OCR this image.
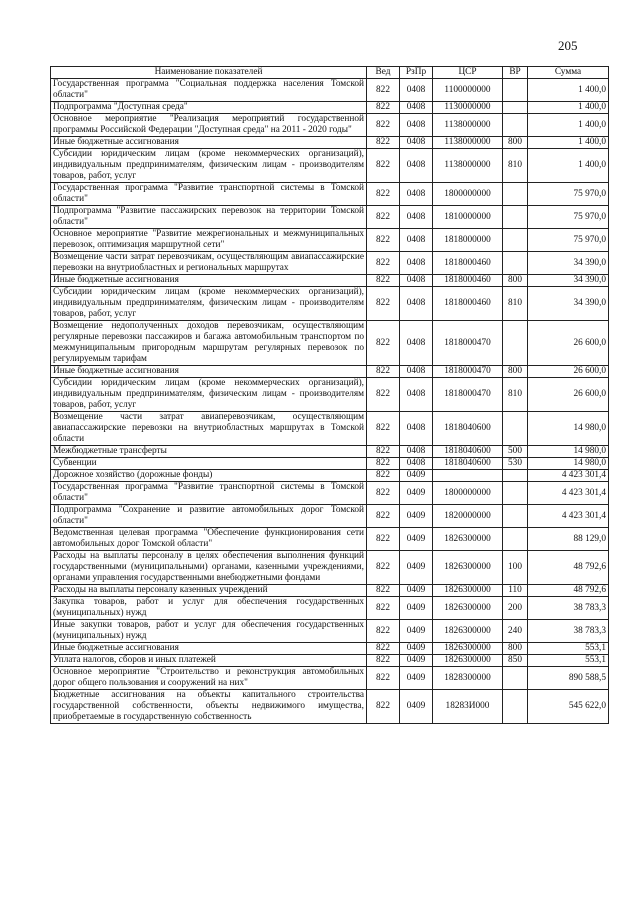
205
Наименование показателей	Вед	РзПр	ЦСР	ВР	Сумма
Государственная программа "Социальная поддержка населения Томской области"	822	0408	1100000000		1 400,0
Подпрограмма "Доступная среда"	822	0408	1130000000		1 400,0
Основное мероприятие "Реализация мероприятий государственной программы Российской Федерации "Доступная среда" на 2011 - 2020 годы"	822	0408	1138000000		1 400,0
Иные бюджетные ассигнования	822	0408	1138000000	800	1 400,0
Субсидии юридическим лицам (кроме некоммерческих организаций), индивидуальным предпринимателям, физическим лицам - производителям товаров, работ, услуг	822	0408	1138000000	810	1 400,0
Государственная программа "Развитие транспортной системы в Томской области"	822	0408	1800000000		75 970,0
Подпрограмма "Развитие пассажирских перевозок на территории Томской области"	822	0408	1810000000		75 970,0
Основное мероприятие "Развитие межрегиональных и межмуниципальных перевозок, оптимизация маршрутной сети"	822	0408	1818000000		75 970,0
Возмещение части затрат перевозчикам, осуществляющим авиапассажирские перевозки на внутриобластных и региональных маршрутах	822	0408	1818000460		34 390,0
Иные бюджетные ассигнования	822	0408	1818000460	800	34 390,0
Субсидии юридическим лицам (кроме некоммерческих организаций), индивидуальным предпринимателям, физическим лицам - производителям товаров, работ, услуг	822	0408	1818000460	810	34 390,0
Возмещение недополученных доходов перевозчикам, осуществляющим регулярные перевозки пассажиров и багажа автомобильным транспортом по межмуниципальным пригородным маршрутам регулярных перевозок по регулируемым тарифам	822	0408	1818000470		26 600,0
Иные бюджетные ассигнования	822	0408	1818000470	800	26 600,0
Субсидии юридическим лицам (кроме некоммерческих организаций), индивидуальным предпринимателям, физическим лицам - производителям товаров, работ, услуг	822	0408	1818000470	810	26 600,0
Возмещение части затрат авиаперевозчикам, осуществляющим авиапассажирские перевозки на внутриобластных маршрутах в Томской области	822	0408	1818040600		14 980,0
Межбюджетные трансферты	822	0408	1818040600	500	14 980,0
Субвенции	822	0408	1818040600	530	14 980,0
Дорожное хозяйство (дорожные фонды)	822	0409			4 423 301,4
Государственная программа "Развитие транспортной системы в Томской области"	822	0409	1800000000		4 423 301,4
Подпрограмма "Сохранение и развитие автомобильных дорог Томской области"	822	0409	1820000000		4 423 301,4
Ведомственная целевая программа "Обеспечение функционирования сети автомобильных дорог Томской области"	822	0409	1826300000		88 129,0
Расходы на выплаты персоналу в целях обеспечения выполнения функций государственными (муниципальными) органами, казенными учреждениями, органами управления государственными внебюджетными фондами	822	0409	1826300000	100	48 792,6
Расходы на выплаты персоналу казенных учреждений	822	0409	1826300000	110	48 792,6
Закупка товаров, работ и услуг для обеспечения государственных (муниципальных) нужд	822	0409	1826300000	200	38 783,3
Иные закупки товаров, работ и услуг для обеспечения государственных (муниципальных) нужд	822	0409	1826300000	240	38 783,3
Иные бюджетные ассигнования	822	0409	1826300000	800	553,1
Уплата налогов, сборов и иных платежей	822	0409	1826300000	850	553,1
Основное мероприятие "Строительство и реконструкция автомобильных дорог общего пользования и сооружений на них"	822	0409	1828300000		890 588,5
Бюджетные ассигнования на объекты капитального строительства государственной собственности, объекты недвижимого имущества, приобретаемые в государственную собственность	822	0409	18283И000		545 622,0
